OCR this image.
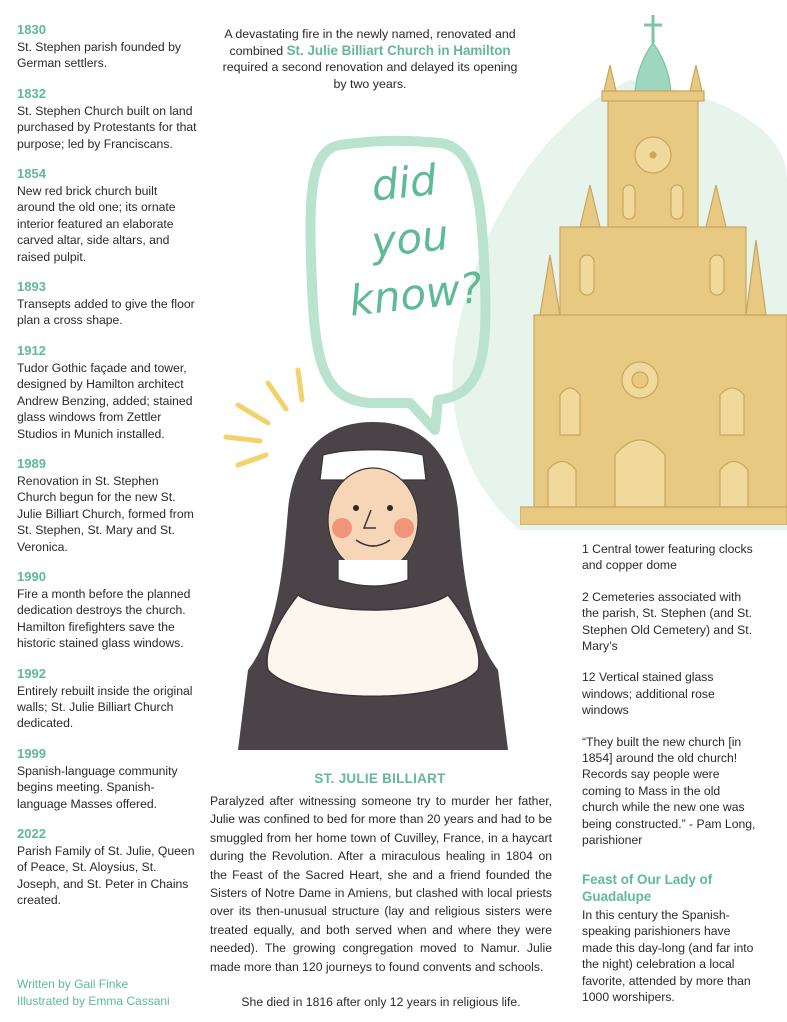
1830
St. Stephen parish founded by German settlers.
1832
St. Stephen Church built on land purchased by Protestants for that purpose; led by Franciscans.
1854
New red brick church built around the old one; its ornate interior featured an elaborate carved altar, side altars, and raised pulpit.
1893
Transepts added to give the floor plan a cross shape.
1912
Tudor Gothic façade and tower, designed by Hamilton architect Andrew Benzing, added; stained glass windows from Zettler Studios in Munich installed.
1989
Renovation in St. Stephen Church begun for the new St. Julie Billiart Church, formed from St. Stephen, St. Mary and St. Veronica.
1990
Fire a month before the planned dedication destroys the church. Hamilton firefighters save the historic stained glass windows.
1992
Entirely rebuilt inside the original walls; St. Julie Billiart Church dedicated.
1999
Spanish-language community begins meeting. Spanish-language Masses offered.
2022
Parish Family of St. Julie, Queen of Peace, St. Aloysius, St. Joseph, and St. Peter in Chains created.
Written by Gail Finke
Illustrated by Emma Cassani
A devastating fire in the newly named, renovated and combined St. Julie Billiart Church in Hamilton required a second renovation and delayed its opening by two years.
did
you
know?
1 Central tower featuring clocks and copper dome
2 Cemeteries associated with the parish, St. Stephen (and St. Stephen Old Cemetery) and St. Mary’s
12 Vertical stained glass windows; additional rose windows
“They built the new church [in 1854] around the old church! Records say people were coming to Mass in the old church while the new one was being constructed.” - Pam Long, parishioner
Feast of Our Lady of Guadalupe
In this century the Spanish-speaking parishioners have made this day-long (and far into the night) celebration a local favorite, attended by more than 1000 worshipers.
ST. JULIE BILLIART
Paralyzed after witnessing someone try to murder her father, Julie was confined to bed for more than 20 years and had to be smuggled from her home town of Cuvilley, France, in a haycart during the Revolution. After a miraculous healing in 1804 on the Feast of the Sacred Heart, she and a friend founded the Sisters of Notre Dame in Amiens, but clashed with local priests over its then-unusual structure (lay and religious sisters were treated equally, and both served when and where they were needed). The growing congregation moved to Namur. Julie made more than 120 journeys to found convents and schools.
She died in 1816 after only 12 years in religious life.
